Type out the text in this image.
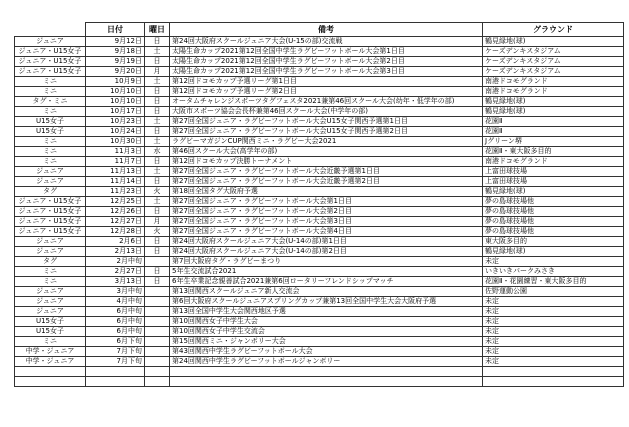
	日付	曜日	備考	グラウンド
ジュニア	9月12日	日	第24回大阪府スクールジュニア大会(U-15の部)交流戦	鶴見緑地(球)
ジュニア・U15女子	9月18日	土	太陽生命カップ2021第12回全国中学生ラグビーフットボール大会第1日目	ケーズデンキスタジアム
ジュニア・U15女子	9月19日	日	太陽生命カップ2021第12回全国中学生ラグビーフットボール大会第2日目	ケーズデンキスタジアム
ジュニア・U15女子	9月20日	月	太陽生命カップ2021第12回全国中学生ラグビーフットボール大会第3日目	ケーズデンキスタジアム
ミニ	10月9日	土	第12回ドコモカップ予選リーグ第1日目	南港ドコモグランド
ミニ	10月10日	日	第12回ドコモカップ予選リーグ第2日目	南港ドコモグランド
タグ・ミニ	10月10日	日	オータムチャレンジスポーツタグフェスタ2021兼第46回スクール大会(幼年・低学年の部)	鶴見緑地(球)
ミニ	10月17日	日	大阪市スポーツ協会会長杯兼第46回スクール大会(中学年の部)	鶴見緑地(球)
U15女子	10月23日	土	第27回全国ジュニア・ラグビーフットボール大会U15女子関西予選第1日目	花園Ⅱ
U15女子	10月24日	日	第27回全国ジュニア・ラグビーフットボール大会U15女子関西予選第2日目	花園Ⅱ
ミニ	10月30日	土	ラグビーマガジンCUP関西ミニ・ラグビー大会2021	Jグリーン堺
ミニ	11月3日	水	第46回スクール大会(高学年の部)	花園Ⅱ・東大阪多目的
ミニ	11月7日	日	第12回ドコモカップ決勝トーナメント	南港ドコモグランド
ジュニア	11月13日	土	第27回全国ジュニア・ラグビーフットボール大会近畿予選第1日目	上富田球技場
ジュニア	11月14日	日	第27回全国ジュニア・ラグビーフットボール大会近畿予選第2日目	上富田球技場
タグ	11月23日	火	第18回全国タグ大阪府予選	鶴見緑地(球)
ジュニア・U15女子	12月25日	土	第27回全国ジュニア・ラグビーフットボール大会第1日目	夢の島球技場他
ジュニア・U15女子	12月26日	日	第27回全国ジュニア・ラグビーフットボール大会第2日目	夢の島球技場他
ジュニア・U15女子	12月27日	月	第27回全国ジュニア・ラグビーフットボール大会第3日目	夢の島球技場他
ジュニア・U15女子	12月28日	火	第27回全国ジュニア・ラグビーフットボール大会第4日目	夢の島球技場他
ジュニア	2月6日	日	第24回大阪府スクールジュニア大会(U-14の部)第1日目	東大阪多目的
ジュニア	2月13日	日	第24回大阪府スクールジュニア大会(U-14の部)第2日目	鶴見緑地(球)
タグ	2月中旬		第7回大阪府タグ・ラグビーまつり	未定
ミニ	2月27日	日	5年生交流試合2021	いきいきパークみさき
ミニ	3月13日	日	6年生卒業記念親善試合2021兼第6回ロータリーフレンドシップマッチ	花園Ⅱ・花園練習・東大阪多目的
ジュニア	3月中旬		第13回関西スクールジュニア新人交流会	佐野運動公園
ジュニア	4月中旬		第6回大阪府スクールジュニアスプリングカップ兼第13回全国中学生大会大阪府予選	未定
ジュニア	6月中旬		第13回全国中学生大会関西地区予選	未定
U15女子	6月中旬		第10回関西女子中学生大会	未定
U15女子	6月中旬		第10回関西女子中学生交流会	未定
ミニ	6月下旬		第15回関西ミニ・ジャンボリー大会	未定
中学・ジュニア	7月下旬		第43回関西中学生ラグビーフットボール大会	未定
中学・ジュニア	7月下旬		第24回関西中学生ラグビーフットボールジャンボリー	未定
